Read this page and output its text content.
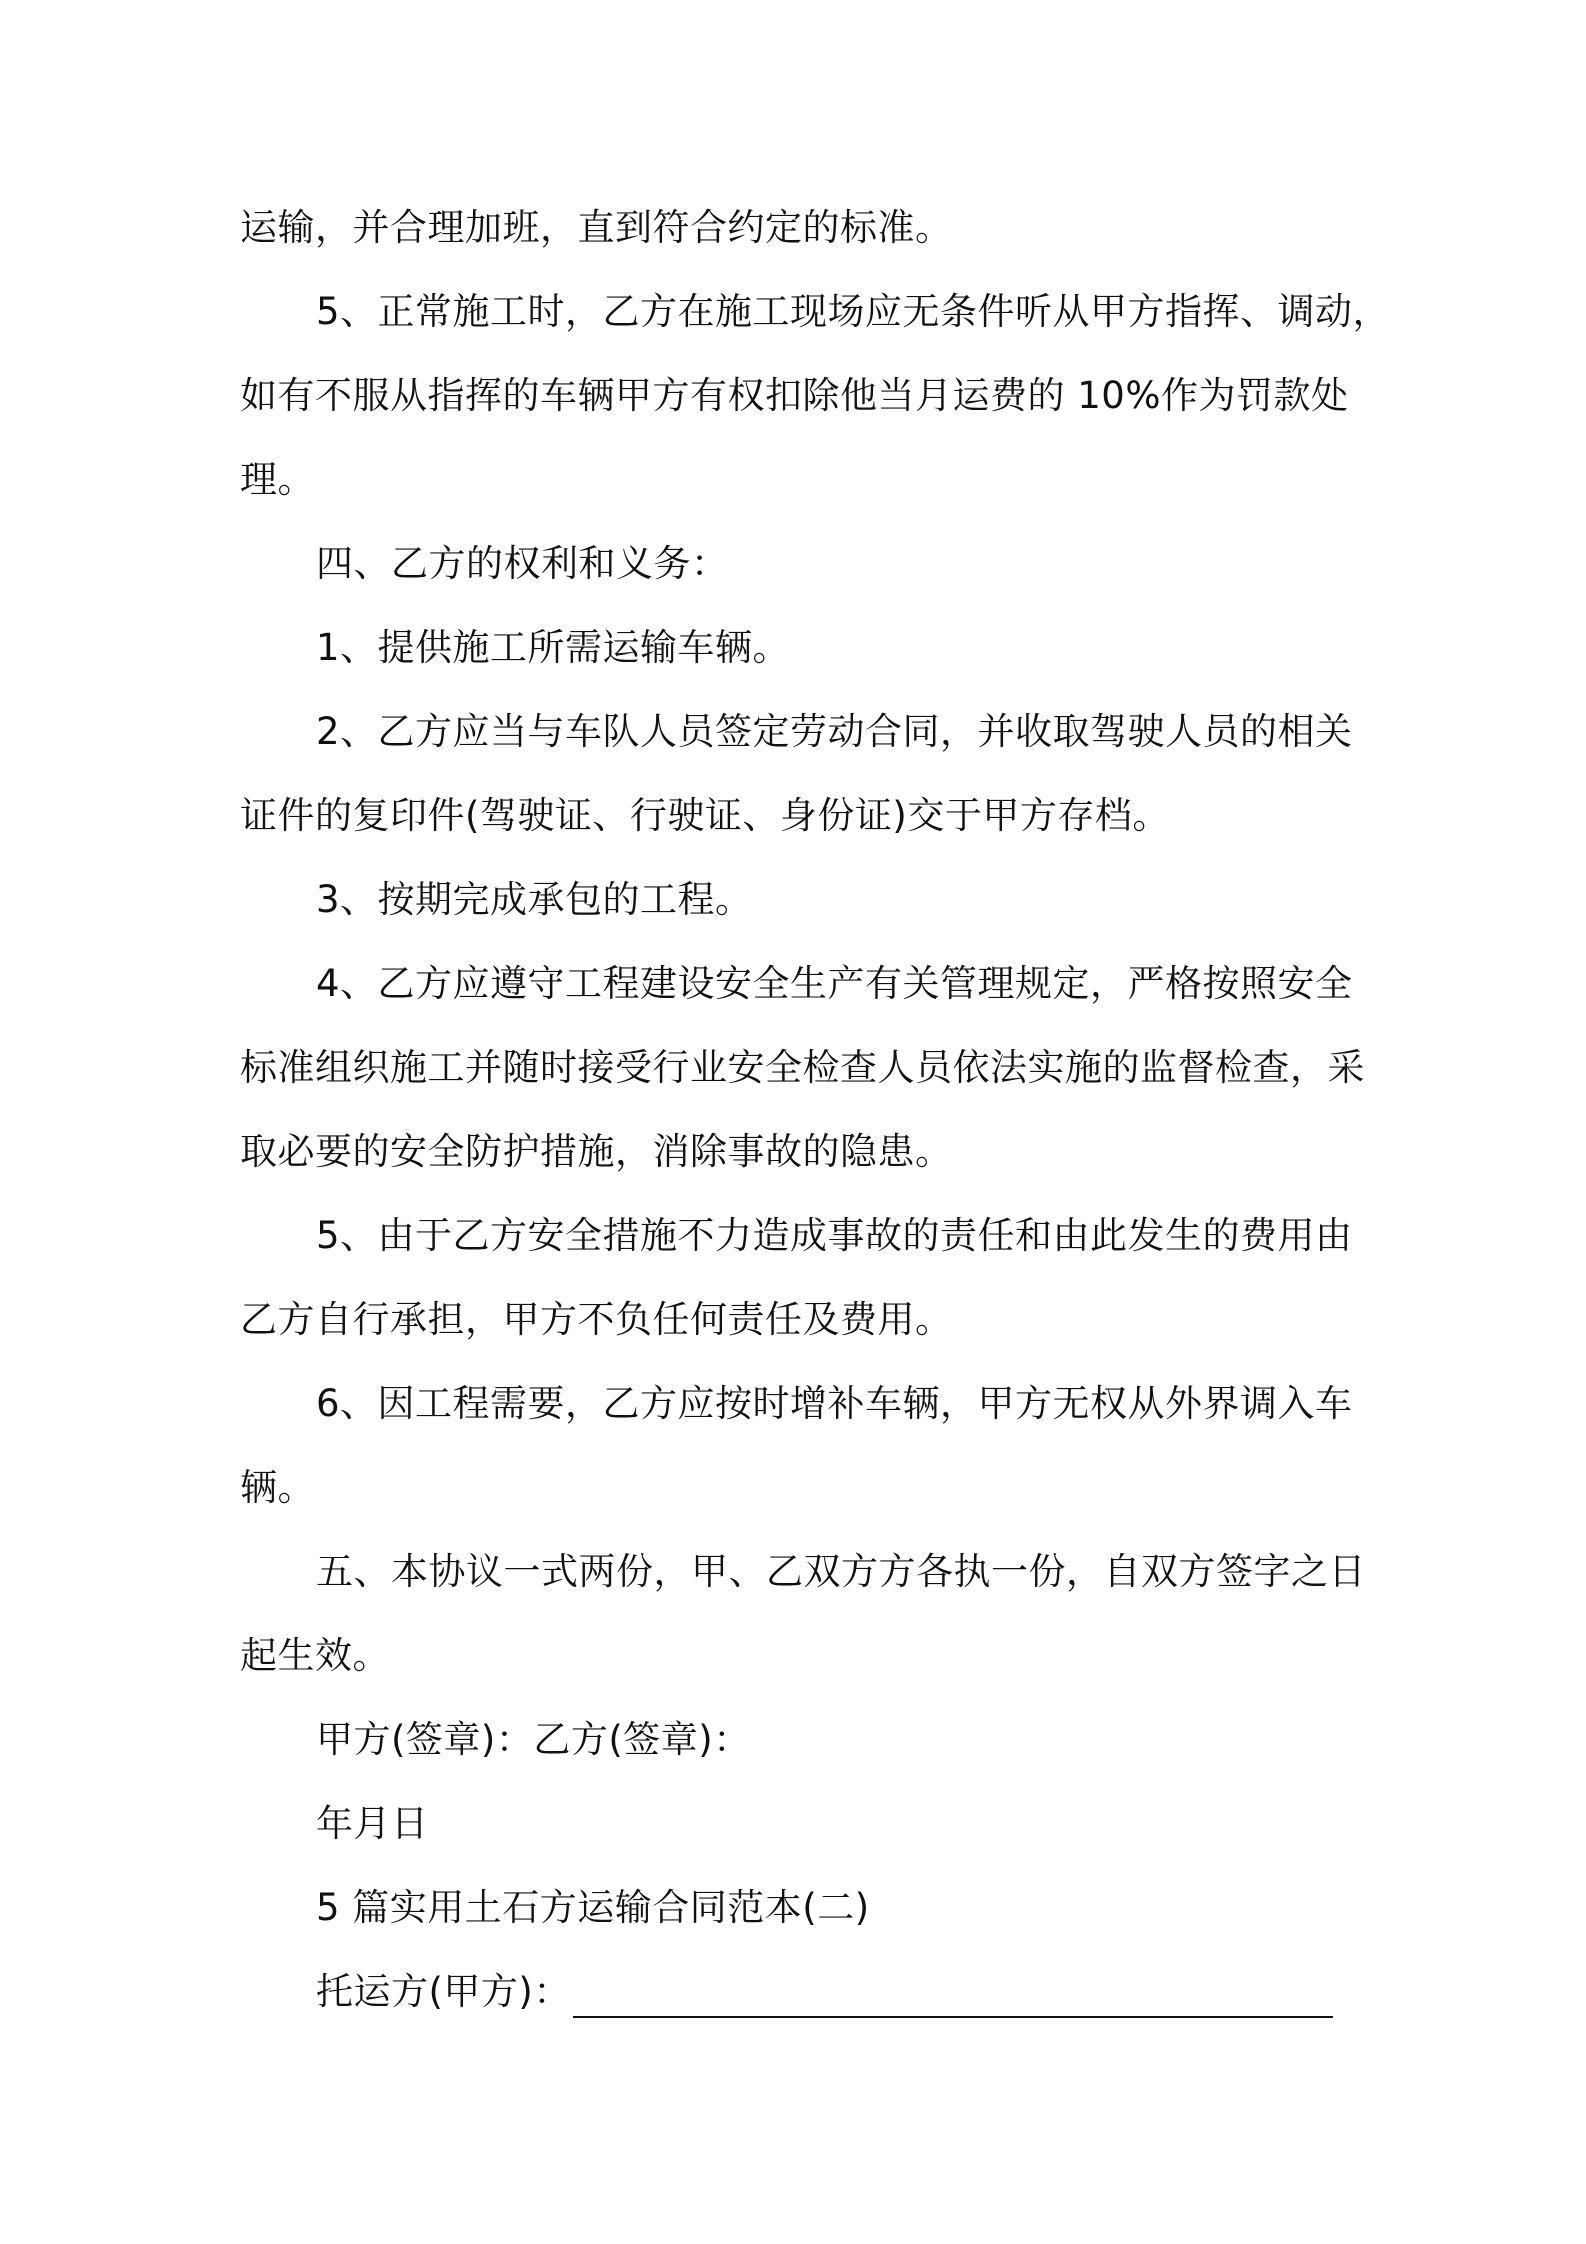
运输，并合理加班，直到符合约定的标准。
5、正常施工时，乙方在施工现场应无条件听从甲方指挥、调动，
如有不服从指挥的车辆甲方有权扣除他当月运费的 10%作为罚款处
理。
四、乙方的权利和义务：
1、提供施工所需运输车辆。
2、乙方应当与车队人员签定劳动合同，并收取驾驶人员的相关
证件的复印件(驾驶证、行驶证、身份证)交于甲方存档。
3、按期完成承包的工程。
4、乙方应遵守工程建设安全生产有关管理规定，严格按照安全
标准组织施工并随时接受行业安全检查人员依法实施的监督检查，采
取必要的安全防护措施，消除事故的隐患。
5、由于乙方安全措施不力造成事故的责任和由此发生的费用由
乙方自行承担，甲方不负任何责任及费用。
6、因工程需要，乙方应按时增补车辆，甲方无权从外界调入车
辆。
五、本协议一式两份，甲、乙双方方各执一份，自双方签字之日
起生效。
甲方(签章)：乙方(签章)：
年月日
5 篇实用土石方运输合同范本(二)
托运方(甲方)：
